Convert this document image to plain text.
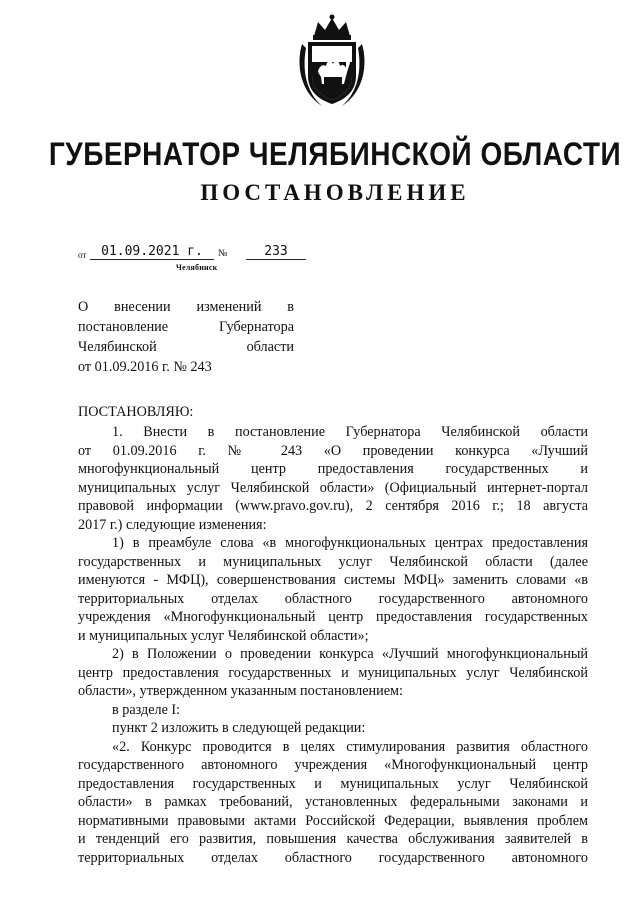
ГУБЕРНАТОР ЧЕЛЯБИНСКОЙ ОБЛАСТИ
ПОСТАНОВЛЕНИЕ
от	01.09.2021 г.	№	233
Челябинск
О внесении изменений в
постановление Губернатора
Челябинской области
от 01.09.2016 г. № 243
ПОСТАНОВЛЯЮ:
1. Внести в постановление Губернатора Челябинской области
от 01.09.2016 г. № 243 «О проведении конкурса «Лучший
многофункциональный центр предоставления государственных и
муниципальных услуг Челябинской области» (Официальный интернет-портал
правовой информации (www.pravo.gov.ru), 2 сентября 2016 г.; 18 августа
2017 г.) следующие изменения:
1) в преамбуле слова «в многофункциональных центрах предоставления
государственных и муниципальных услуг Челябинской области (далее
именуются - МФЦ), совершенствования системы МФЦ» заменить словами «в
территориальных отделах областного государственного автономного
учреждения «Многофункциональный центр предоставления государственных
и муниципальных услуг Челябинской области»;
2) в Положении о проведении конкурса «Лучший многофункциональный
центр предоставления государственных и муниципальных услуг Челябинской
области», утвержденном указанным постановлением:
в разделе I:
пункт 2 изложить в следующей редакции:
«2. Конкурс проводится в целях стимулирования развития областного
государственного автономного учреждения «Многофункциональный центр
предоставления государственных и муниципальных услуг Челябинской
области» в рамках требований, установленных федеральными законами и
нормативными правовыми актами Российской Федерации, выявления проблем
и тенденций его развития, повышения качества обслуживания заявителей в
территориальных отделах областного государственного автономного
